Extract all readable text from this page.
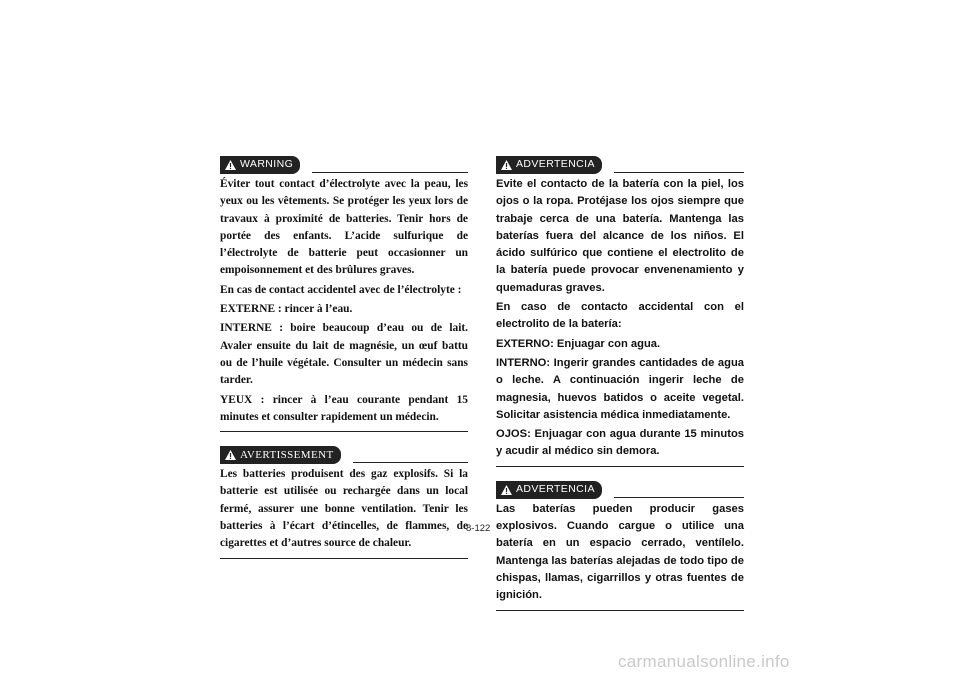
WARNING

Éviter tout contact d’électrolyte avec la peau, les yeux ou les vêtements. Se protéger les yeux lors de travaux à proximité de batteries. Tenir hors de portée des enfants. L’acide sulfurique de l’électrolyte de batterie peut occasionner un empoisonnement et des brûlures graves.

En cas de contact accidentel avec de l’électrolyte :

EXTERNE : rincer à l’eau.

INTERNE : boire beaucoup d’eau ou de lait. Avaler ensuite du lait de magnésie, un œuf battu ou de l’huile végétale. Consulter un médecin sans tarder.

YEUX : rincer à l’eau courante pendant 15 minutes et consulter rapidement un médecin.

AVERTISSEMENT

Les batteries produisent des gaz explosifs. Si la batterie est utilisée ou rechargée dans un local fermé, assurer une bonne ventilation. Tenir les batteries à l’écart d’étincelles, de flammes, de cigarettes et d’autres source de chaleur.

ADVERTENCIA

Evite el contacto de la batería con la piel, los ojos o la ropa. Protéjase los ojos siempre que trabaje cerca de una batería. Mantenga las baterías fuera del alcance de los niños. El ácido sulfúrico que contiene el electrolito de la batería puede provocar envenenamiento y quemaduras graves.

En caso de contacto accidental con el electrolito de la batería:

EXTERNO: Enjuagar con agua.

INTERNO: Ingerir grandes cantidades de agua o leche. A continuación ingerir leche de magnesia, huevos batidos o aceite vegetal. Solicitar asistencia médica inmediatamente.

OJOS: Enjuagar con agua durante 15 minutos y acudir al médico sin demora.

ADVERTENCIA

Las baterías pueden producir gases explosivos. Cuando cargue o utilice una batería en un espacio cerrado, ventílelo. Mantenga las baterías alejadas de todo tipo de chispas, llamas, cigarrillos y otras fuentes de ignición.

8-122
carmanualsonline.info
